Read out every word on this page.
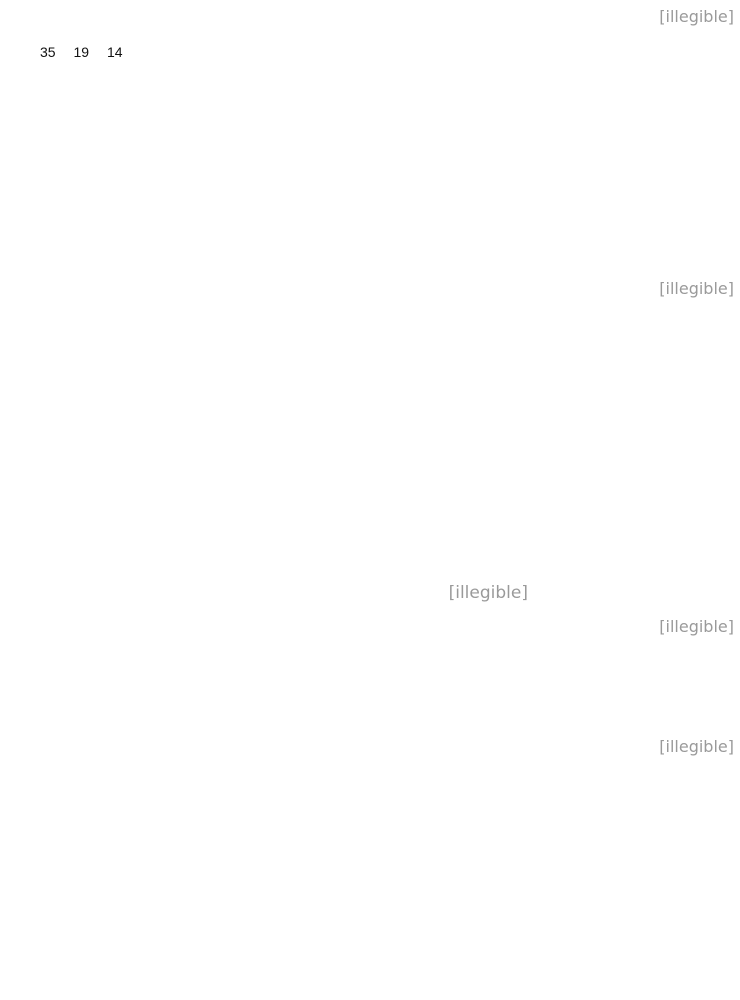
[illegible]

[illegible]

[illegible]

[illegible]

[illegible]

35 19 14
